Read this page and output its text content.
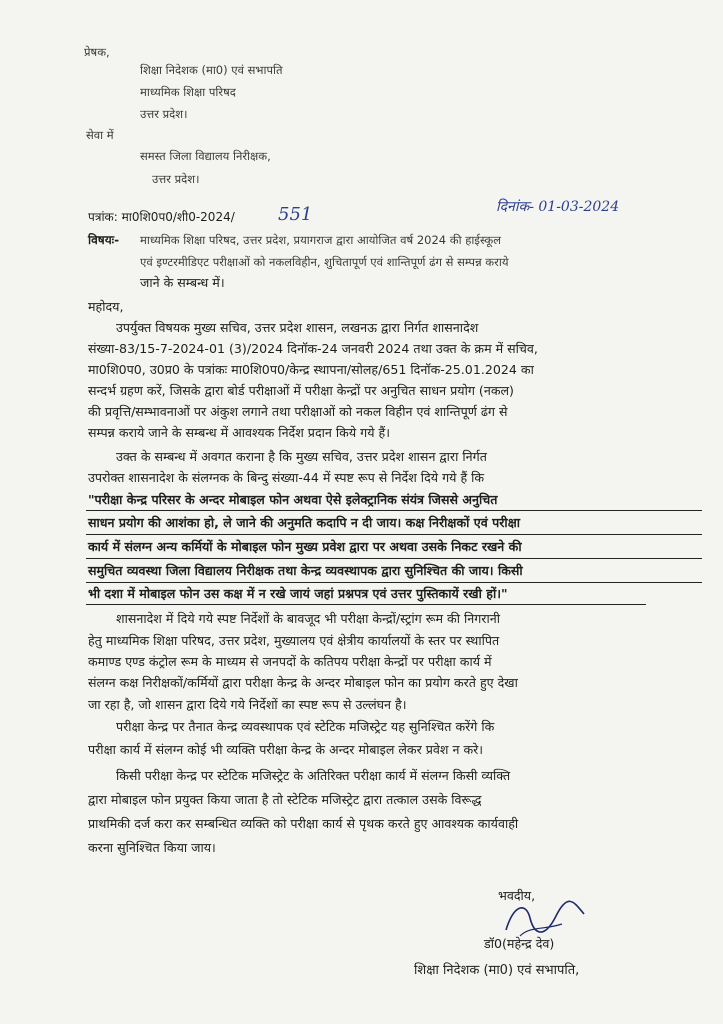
प्रेषक,
शिक्षा निदेशक (मा0) एवं सभापति
माध्यमिक शिक्षा परिषद
उत्तर प्रदेश।
सेवा में
समस्त जिला विद्यालय निरीक्षक,
उत्तर प्रदेश।
पत्रांक: मा0शि0प0/शी0-2024/ 551	दिनांक- 01-03-2024
विषयः- माध्यमिक शिक्षा परिषद, उत्तर प्रदेश, प्रयागराज द्वारा आयोजित वर्ष 2024 की हाईस्कूल
एवं इण्टरमीडिएट परीक्षाओं को नकलविहीन, शुचितापूर्ण एवं शान्तिपूर्ण ढंग से सम्पन्न कराये
जाने के सम्बन्ध में।
महोदय,
उपर्युक्त विषयक मुख्य सचिव, उत्तर प्रदेश शासन, लखनऊ द्वारा निर्गत शासनादेश
संख्या-83/15-7-2024-01 (3)/2024 दिनॉक-24 जनवरी 2024 तथा उक्त के क्रम में सचिव,
मा0शि0प0, उ0प्र0 के पत्रांकः मा0शि0प0/केन्द्र स्थापना/सोलह/651 दिनॉक-25.01.2024 का
सन्दर्भ ग्रहण करें, जिसके द्वारा बोर्ड परीक्षाओं में परीक्षा केन्द्रों पर अनुचित साधन प्रयोग (नकल)
की प्रवृत्ति/सम्भावनाओं पर अंकुश लगाने तथा परीक्षाओं को नकल विहीन एवं शान्तिपूर्ण ढंग से
सम्पन्न कराये जाने के सम्बन्ध में आवश्यक निर्देश प्रदान किये गये हैं।
उक्त के सम्बन्ध में अवगत कराना है कि मुख्य सचिव, उत्तर प्रदेश शासन द्वारा निर्गत
उपरोक्त शासनादेश के संलग्नक के बिन्दु संख्या-44 में स्पष्ट रूप से निर्देश दिये गये हैं कि
"परीक्षा केन्द्र परिसर के अन्दर मोबाइल फोन अथवा ऐसे इलेक्ट्रानिक संयंत्र जिससे अनुचित
साधन प्रयोग की आशंका हो, ले जाने की अनुमति कदापि न दी जाय। कक्ष निरीक्षकों एवं परीक्षा
कार्य में संलग्न अन्य कर्मियों के मोबाइल फोन मुख्य प्रवेश द्वारा पर अथवा उसके निकट रखने की
समुचित व्यवस्था जिला विद्यालय निरीक्षक तथा केन्द्र व्यवस्थापक द्वारा सुनिश्चित की जाय। किसी
भी दशा में मोबाइल फोन उस कक्ष में न रखे जायं जहां प्रश्नपत्र एवं उत्तर पुस्तिकायें रखी हों।"
शासनादेश में दिये गये स्पष्ट निर्देशों के बावजूद भी परीक्षा केन्द्रों/स्ट्रांग रूम की निगरानी
हेतु माध्यमिक शिक्षा परिषद, उत्तर प्रदेश, मुख्यालय एवं क्षेत्रीय कार्यालयों के स्तर पर स्थापित
कमाण्ड एण्ड कंट्रोल रूम के माध्यम से जनपदों के कतिपय परीक्षा केन्द्रों पर परीक्षा कार्य में
संलग्न कक्ष निरीक्षकों/कर्मियों द्वारा परीक्षा केन्द्र के अन्दर मोबाइल फोन का प्रयोग करते हुए देखा
जा रहा है, जो शासन द्वारा दिये गये निर्देशों का स्पष्ट रूप से उल्लंघन है।
परीक्षा केन्द्र पर तैनात केन्द्र व्यवस्थापक एवं स्टेटिक मजिस्ट्रेट यह सुनिश्चित करेंगे कि
परीक्षा कार्य में संलग्न कोई भी व्यक्ति परीक्षा केन्द्र के अन्दर मोबाइल लेकर प्रवेश न करे।
किसी परीक्षा केन्द्र पर स्टेटिक मजिस्ट्रेट के अतिरिक्त परीक्षा कार्य में संलग्न किसी व्यक्ति
द्वारा मोबाइल फोन प्रयुक्त किया जाता है तो स्टेटिक मजिस्ट्रेट द्वारा तत्काल उसके विरूद्ध
प्राथमिकी दर्ज करा कर सम्बन्धित व्यक्ति को परीक्षा कार्य से पृथक करते हुए आवश्यक कार्यवाही
करना सुनिश्चित किया जाय।
भवदीय,
डॉ0(महेन्द्र देव)
शिक्षा निदेशक (मा0) एवं सभापति,
